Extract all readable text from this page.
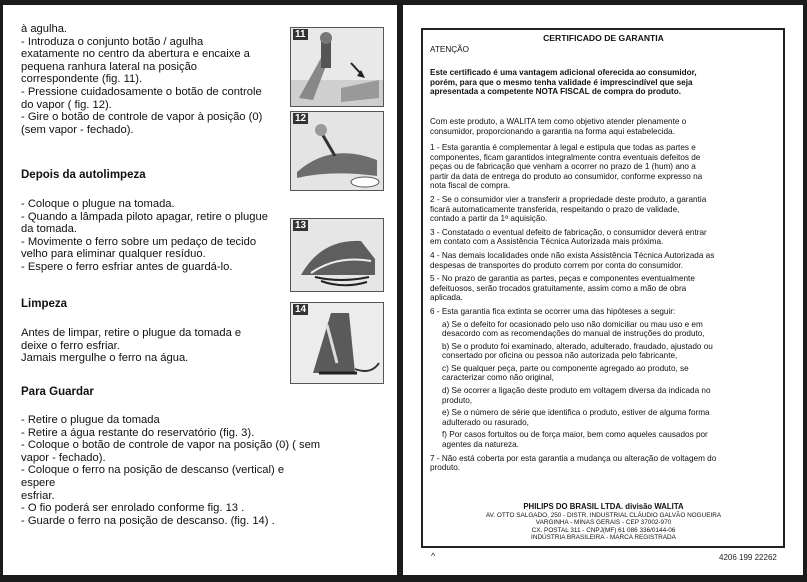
à agulha.

- Introduza o conjunto botão / agulha

exatamente no centro da abertura e encaixe a

pequena ranhura lateral na posição

correspondente (fig. 11).

- Pressione cuidadosamente o botão de controle

do vapor ( fig. 12).

- Gire o botão de controle de vapor à posição (0)

(sem vapor - fechado).

Depois da autolimpeza

- Coloque o plugue na tomada.

- Quando a lâmpada piloto apagar, retire o plugue

da tomada.

- Movimente o ferro sobre um pedaço de tecido

velho para eliminar qualquer resíduo.

- Espere o ferro esfriar antes de guardá-lo.

Limpeza

Antes de limpar, retire o plugue da tomada e

deixe o ferro esfriar.

Jamais mergulhe o ferro na água.

Para Guardar

- Retire o plugue da tomada

- Retire a água restante do reservatório (fig. 3).

- Coloque o botão de controle de vapor na posição (0) ( sem

vapor - fechado).

- Coloque o ferro na posição de descanso (vertical) e espere

esfriar.

- O fio poderá ser enrolado conforme fig. 13 .

- Guarde o ferro na posição de descanso. (fig. 14) .

11
12
13
14
CERTIFICADO DE GARANTIA
ATENÇÃO

Este certificado é uma vantagem adicional oferecida ao consumidor,

porém, para que o mesmo tenha validade é imprescindível que seja

apresentada a competente NOTA FISCAL de compra do produto.

Com este produto, a WALITA tem como objetivo atender plenamente o

consumidor, proporcionando a garantia na forma aqui estabelecida.

1 - Esta garantia é complementar à legal e estipula que todas as partes e

componentes, ficam garantidos integralmente contra eventuais defeitos de

peças ou de fabricação que venham a ocorrer no prazo de 1 (hum) ano a

partir da data de entrega do produto ao consumidor, conforme expresso na

nota fiscal de compra.

2 - Se o consumidor vier a transferir a propriedade deste produto, a garantia

ficará automaticamente transferida, respeitando o prazo de validade,

contado a partir da 1ª aquisição.

3 - Constatado o eventual defeito de fabricação, o consumidor deverá entrar

em contato com a Assistência Técnica Autorizada mais próxima.

4 - Nas demais localidades onde não exista Assistência Técnica Autorizada as

despesas de transportes do produto correm por conta do consumidor.

5 - No prazo de garantia as partes, peças e componentes eventualmente

defeituosos, serão trocados gratuitamente, assim como a mão de obra

aplicada.

6 - Esta garantia fica extinta se ocorrer uma das hipóteses a seguir:

a) Se o defeito for ocasionado pelo uso não domiciliar ou mau uso e em

desacordo com as recomendações do manual de instruções do produto,

b) Se o produto foi examinado, alterado, adulterado, fraudado, ajustado ou

consertado por oficina ou pessoa não autorizada pelo fabricante,

c) Se qualquer peça, parte ou componente agregado ao produto, se

caracterizar como não original,

d) Se ocorrer a ligação deste produto em voltagem diversa da indicada no

produto,

e) Se o número de série que identifica o produto, estiver de alguma forma

adulterado ou rasurado,

f) Por casos fortuitos ou de força maior, bem como aqueles causados por

agentes da natureza.

7 - Não está coberta por esta garantia a mudança ou alteração de voltagem do

produto.

PHILIPS DO BRASIL LTDA. divisão WALITA

AV. OTTO SALGADO, 250 - DISTR. INDUSTRIAL CLÁUDIO GALVÃO NOGUEIRA

VARGINHA - MINAS GERAIS - CEP 37002-970

CX. POSTAL 311 - CNPJ(MF) 61 086 336/0144-06

INDÚSTRIA BRASILEIRA - MARCA REGISTRADA

^	4206 199 22262
